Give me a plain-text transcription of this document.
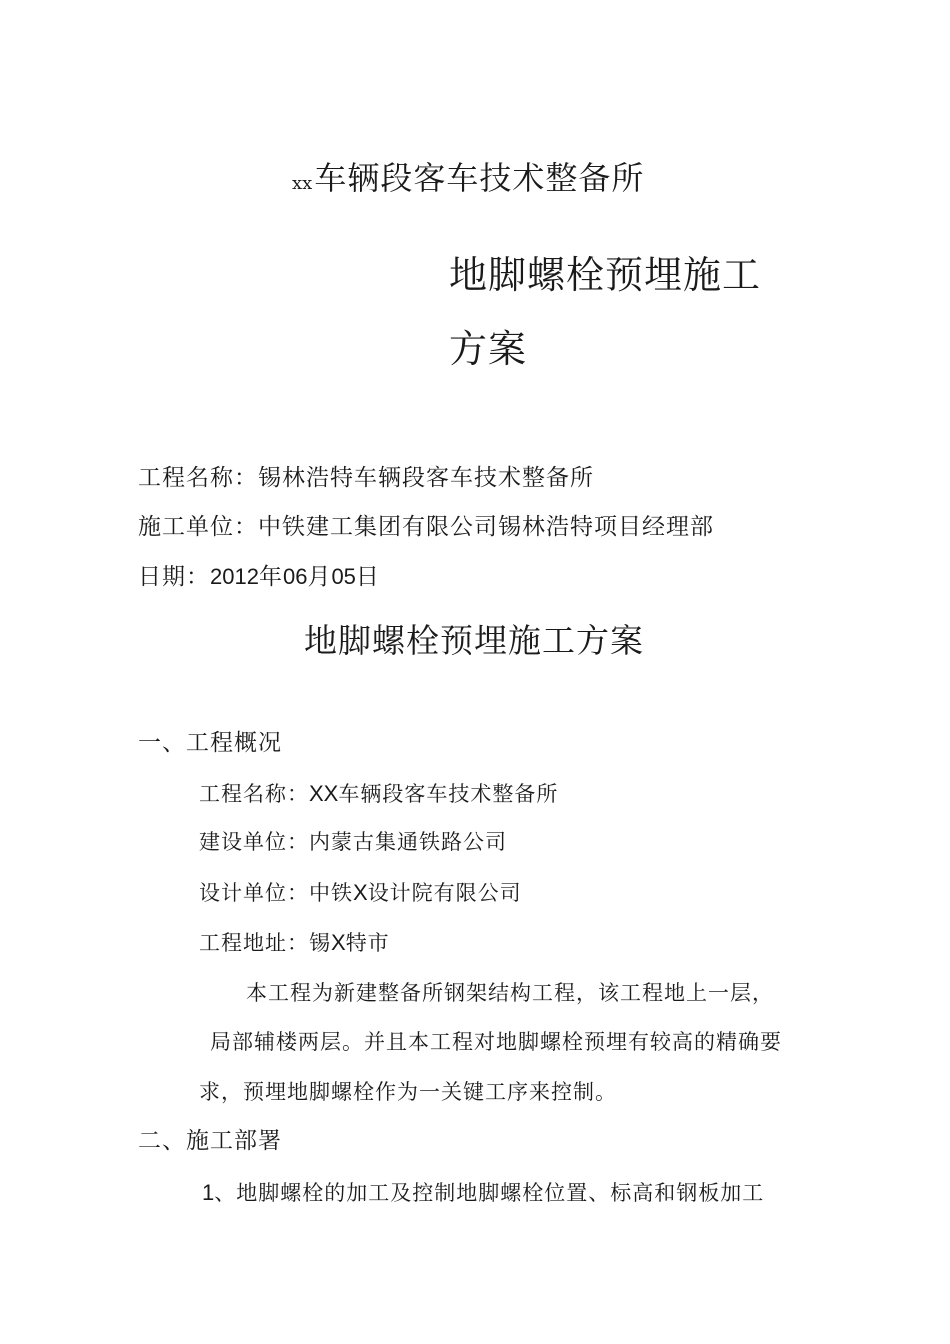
xx车辆段客车技术整备所
地脚螺栓预埋施工
方案
工程名称：锡林浩特车辆段客车技术整备所
施工单位：中铁建工集团有限公司锡林浩特项目经理部
日期：2012年06月05日
地脚螺栓预埋施工方案
一、工程概况
工程名称：XX车辆段客车技术整备所
建设单位：内蒙古集通铁路公司
设计单位：中铁X设计院有限公司
工程地址：锡X特市
本工程为新建整备所钢架结构工程，该工程地上一层，
局部辅楼两层。并且本工程对地脚螺栓预埋有较高的精确要
求，预埋地脚螺栓作为一关键工序来控制。
二、施工部署
1、地脚螺栓的加工及控制地脚螺栓位置、标高和钢板加工
